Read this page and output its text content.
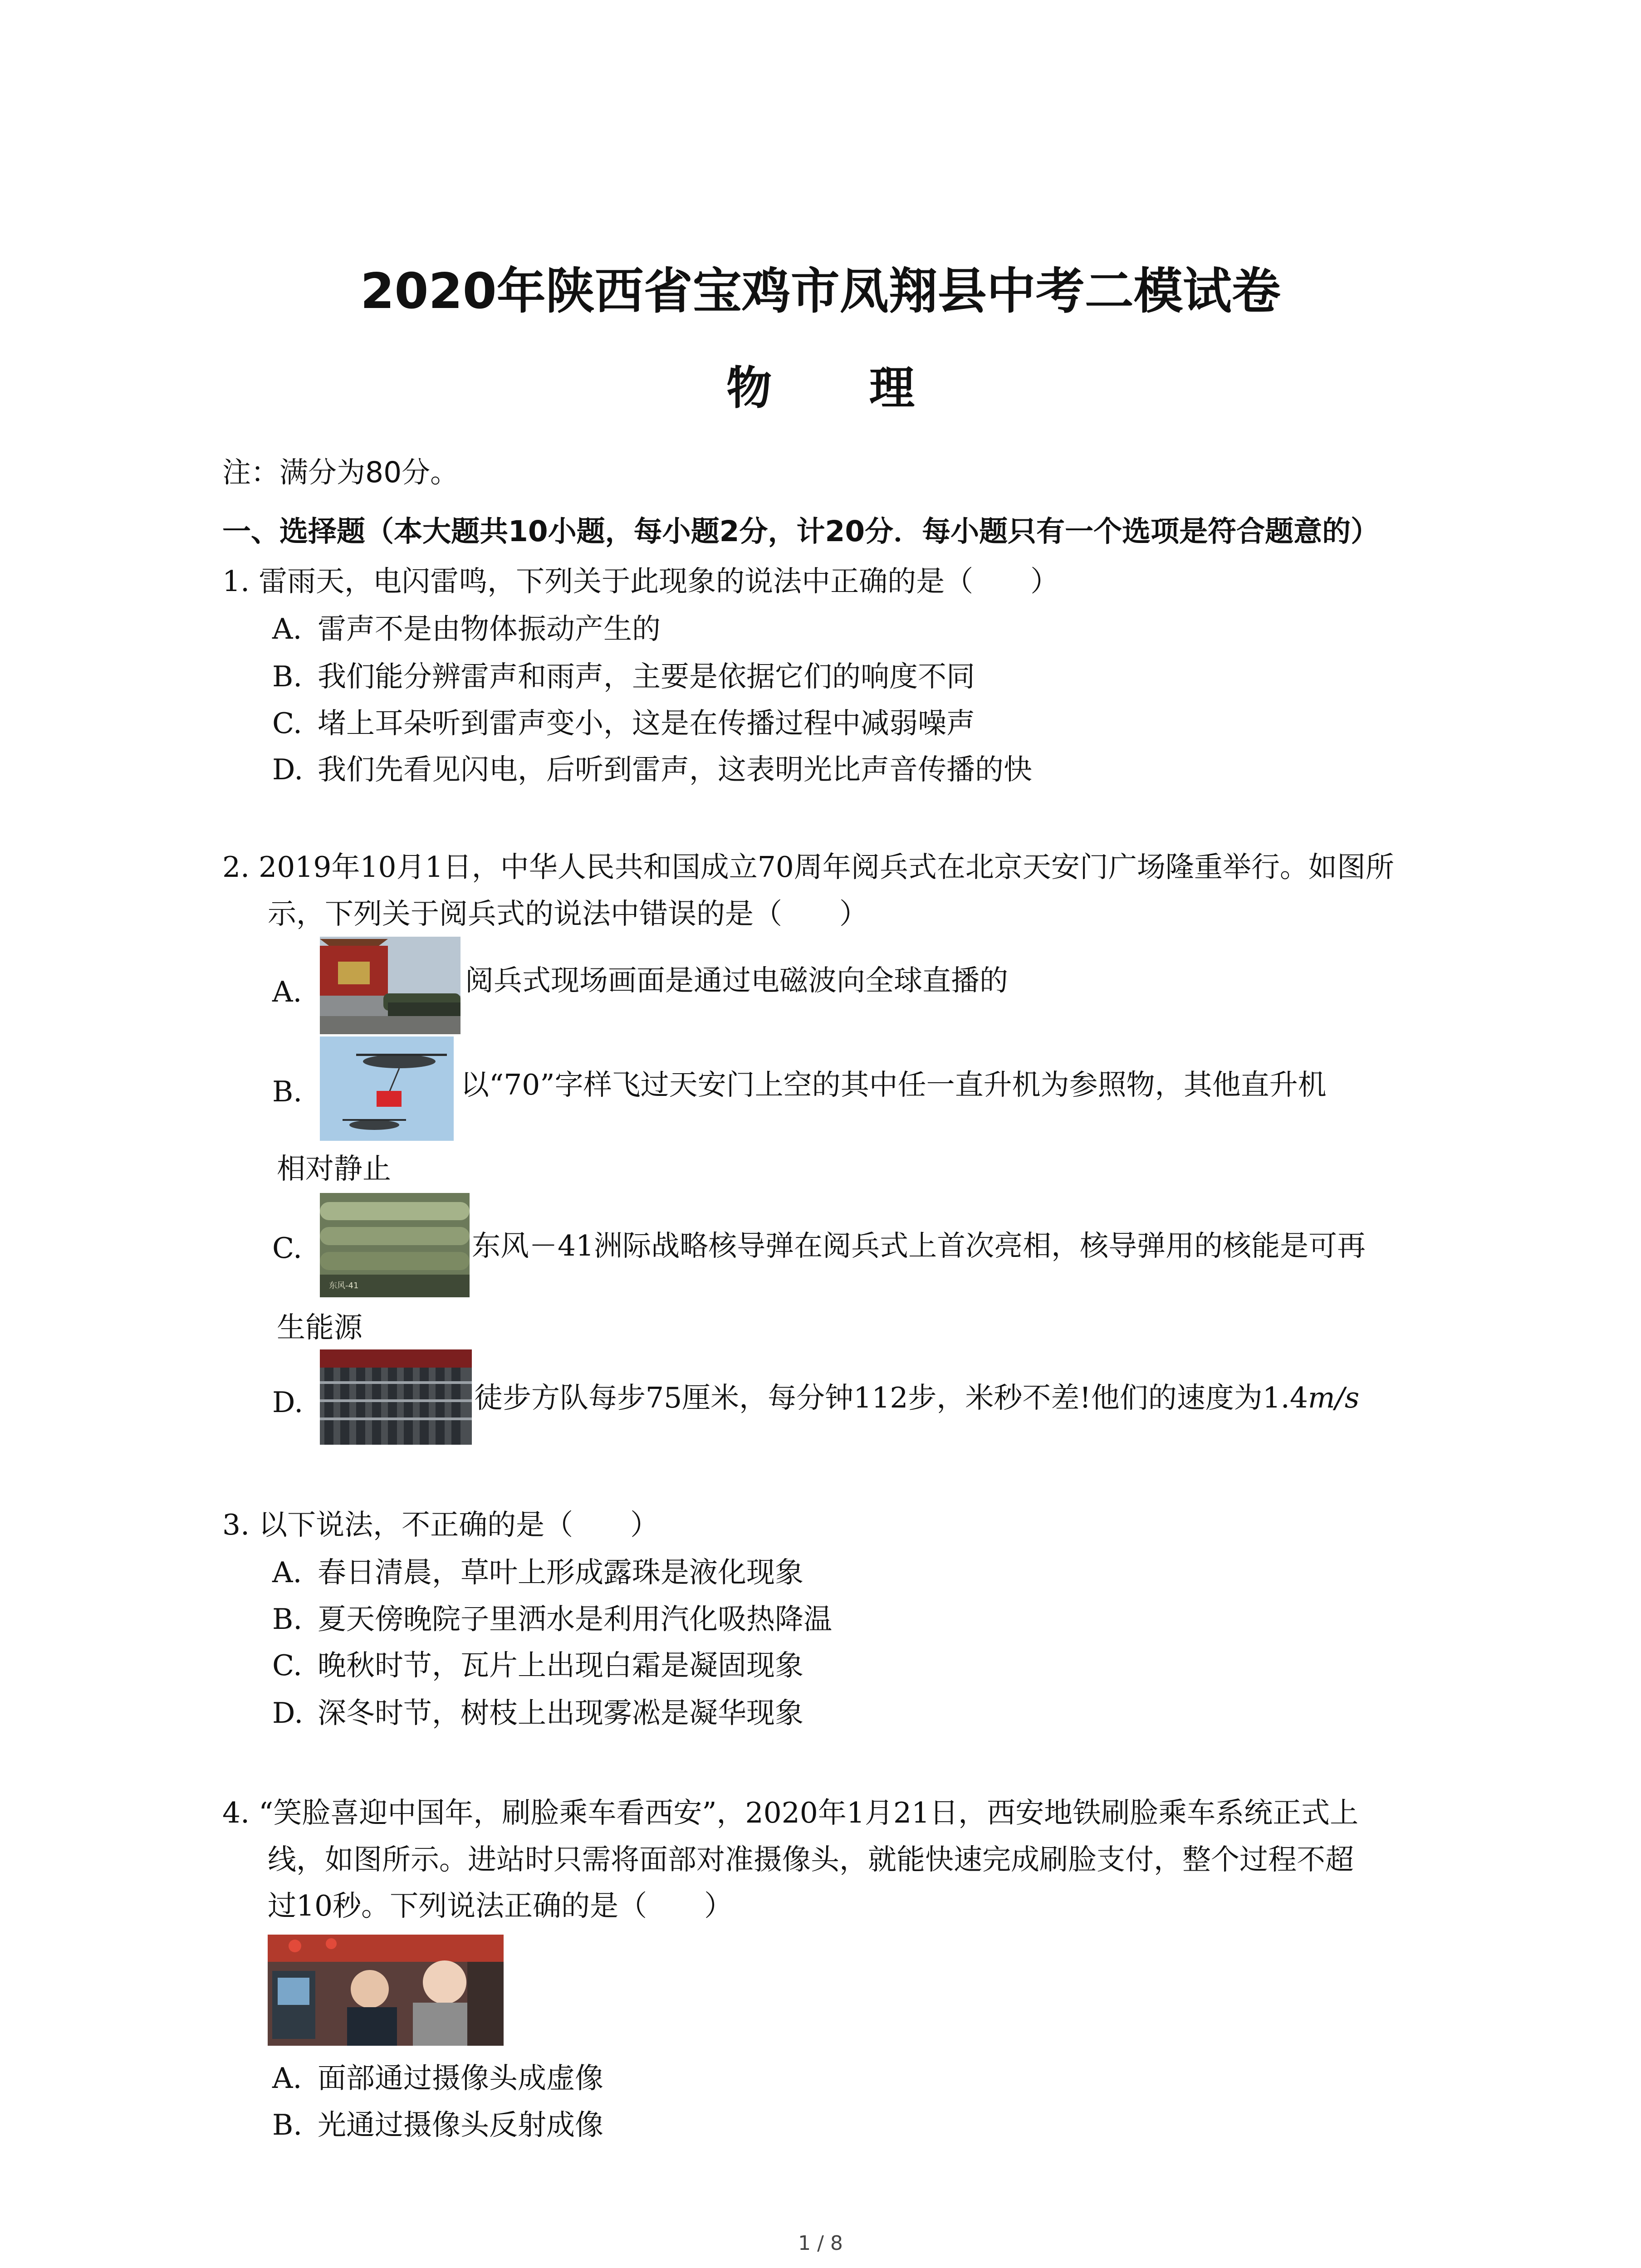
2020年陕西省宝鸡市凤翔县中考二模试卷
物 理
注：满分为80分。
一、选择题（本大题共10小题，每小题2分，计20分．每小题只有一个选项是符合题意的）
1. 雷雨天，电闪雷鸣，下列关于此现象的说法中正确的是（　　）
A. 雷声不是由物体振动产生的
B. 我们能分辨雷声和雨声，主要是依据它们的响度不同
C. 堵上耳朵听到雷声变小，这是在传播过程中减弱噪声
D. 我们先看见闪电，后听到雷声，这表明光比声音传播的快
2. 2019年10月1日，中华人民共和国成立70周年阅兵式在北京天安门广场隆重举行。如图所
示，下列关于阅兵式的说法中错误的是（　　）
A.	阅兵式现场画面是通过电磁波向全球直播的
B.	以“70”字样飞过天安门上空的其中任一直升机为参照物，其他直升机
相对静止
C.
东风-41
东风－41洲际战略核导弹在阅兵式上首次亮相，核导弹用的核能是可再
生能源
D.	徒步方队每步75厘米，每分钟112步，米秒不差!他们的速度为1.4m/s
3. 以下说法，不正确的是（　　）
A. 春日清晨，草叶上形成露珠是液化现象
B. 夏天傍晚院子里洒水是利用汽化吸热降温
C. 晚秋时节，瓦片上出现白霜是凝固现象
D. 深冬时节，树枝上出现雾凇是凝华现象
4. “笑脸喜迎中国年，刷脸乘车看西安”，2020年1月21日，西安地铁刷脸乘车系统正式上
线，如图所示。进站时只需将面部对准摄像头，就能快速完成刷脸支付，整个过程不超
过10秒。下列说法正确的是（　　）
A. 面部通过摄像头成虚像
B. 光通过摄像头反射成像
1 / 8
